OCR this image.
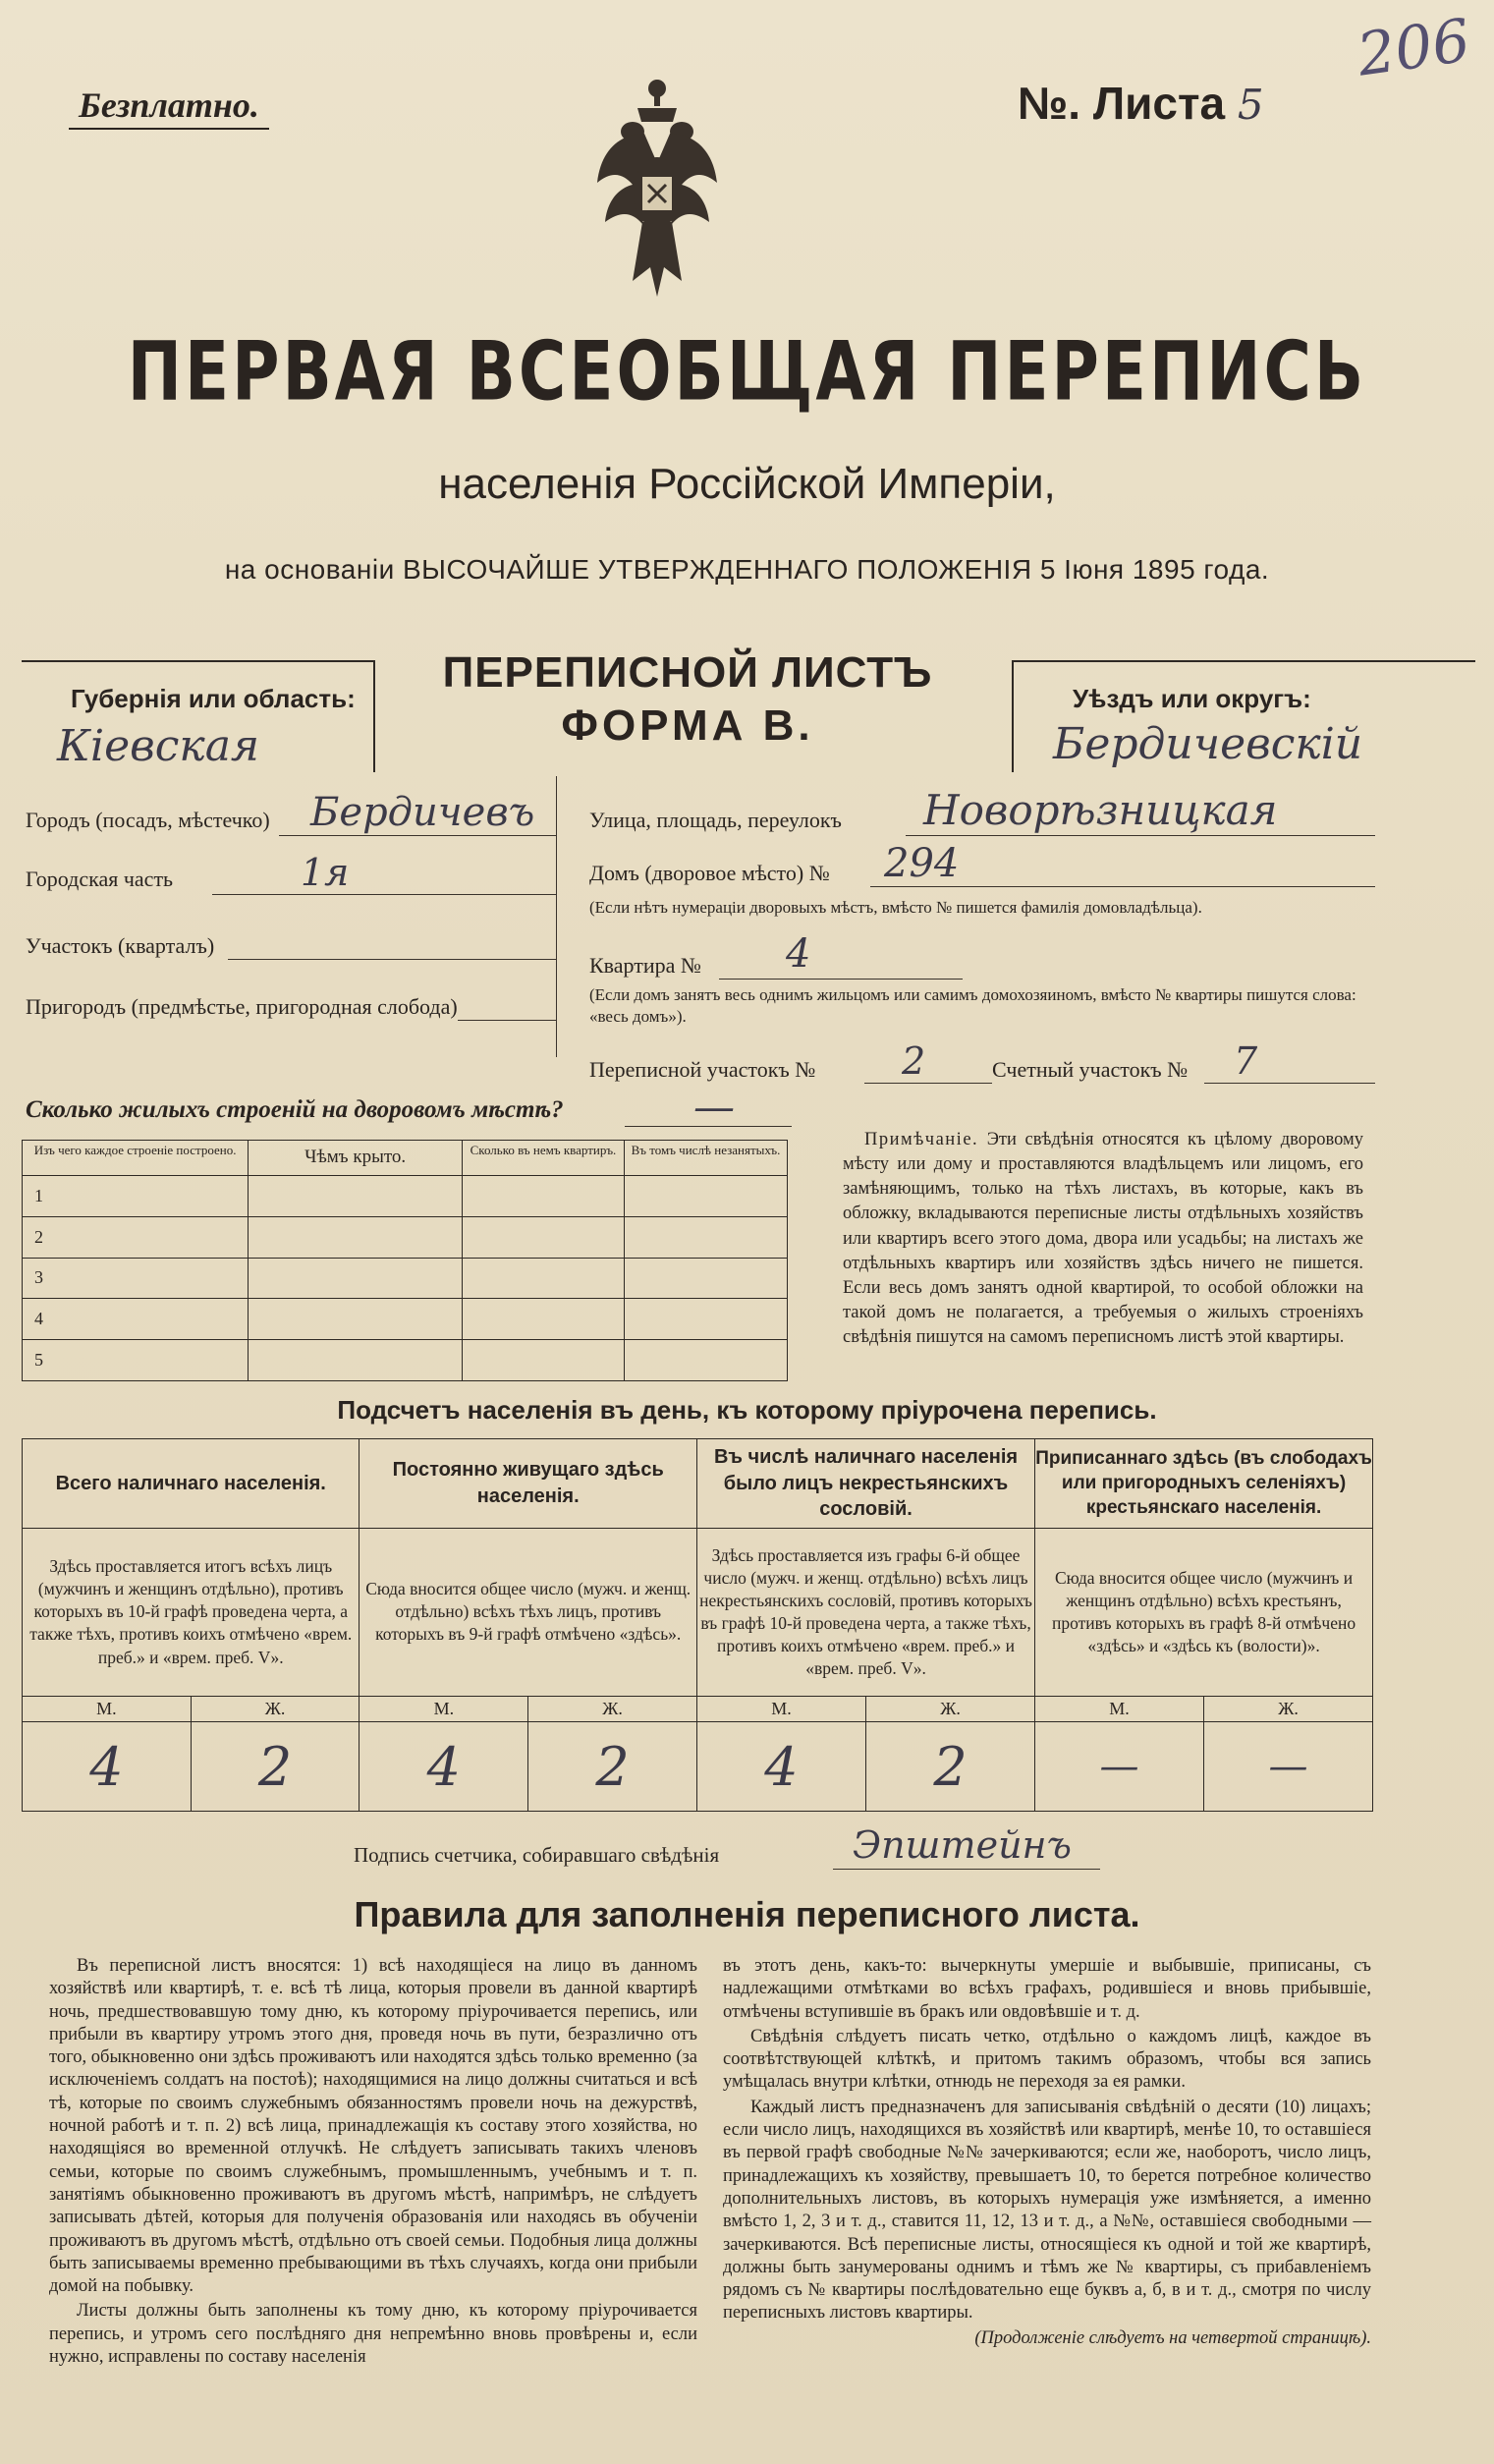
Безплатно.	№. Листа 5
206
ПЕРВАЯ ВСЕОБЩАЯ ПЕРЕПИСЬ
населенія Россійской Имперіи,
на основаніи ВЫСОЧАЙШЕ УТВЕРЖДЕННАГО ПОЛОЖЕНІЯ 5 Іюня 1895 года.
Губернія или область:
Кіевская
ПЕРЕПИСНОЙ ЛИСТЪ
ФОРМА В.
Уѣздъ или округъ:
Бердичевскій
Городъ (посадъ, мѣстечко) Бердичевъ
Городская часть	1я
Участокъ (кварталъ)
Пригородъ (предмѣстье, пригородная слобода)
Улица, площадь, переулокъ Новорѣзницкая
Домъ (дворовое мѣсто) № 294
(Если нѣтъ нумераціи дворовыхъ мѣстъ, вмѣсто № пишется фамилія домовладѣльца).
Квартира № 4
(Если домъ занятъ весь однимъ жильцомъ или самимъ домохозяиномъ, вмѣсто № квартиры пишутся слова: «весь домъ»).
Переписной участокъ № 2	Счетный участокъ № 7
Сколько жилыхъ строеній на дворовомъ мѣстѣ?	—
Изъ чего каждое строеніе построено.	Чѣмъ крыто.	Сколько въ немъ квартиръ.	Въ томъ числѣ незанятыхъ.
1			
2			
3			
4			
5			
Примѣчаніе. Эти свѣдѣнія относятся къ цѣлому дворовому мѣсту или дому и проставляются владѣльцемъ или лицомъ, его замѣняющимъ, только на тѣхъ листахъ, въ которые, какъ въ обложку, вкладываются переписные листы отдѣльныхъ хозяйствъ или квартиръ всего этого дома, двора или усадьбы; на листахъ же отдѣльныхъ квартиръ или хозяйствъ здѣсь ничего не пишется. Если весь домъ занятъ одной квартирой, то особой обложки на такой домъ не полагается, а требуемыя о жилыхъ строеніяхъ свѣдѣнія пишутся на самомъ переписномъ листѣ этой квартиры.
Подсчетъ населенія въ день, къ которому пріурочена перепись.
Всего наличнаго населенія.		Постоянно живущаго здѣсь населенія.		Въ числѣ наличнаго населенія было лицъ некрестьянскихъ сословій.		Приписаннаго здѣсь (въ слободахъ или пригородныхъ селеніяхъ) крестьянскаго населенія.	
Здѣсь проставляется итогъ всѣхъ лицъ (мужчинъ и женщинъ отдѣльно), противъ которыхъ въ 10-й графѣ проведена черта, а также тѣхъ, противъ коихъ отмѣчено «врем. преб.» и «врем. преб. V».		Сюда вносится общее число (мужч. и женщ. отдѣльно) всѣхъ тѣхъ лицъ, противъ которыхъ въ 9-й графѣ отмѣчено «здѣсь».		Здѣсь проставляется изъ графы 6-й общее число (мужч. и женщ. отдѣльно) всѣхъ лицъ некрестьянскихъ сословій, противъ которыхъ въ графѣ 10-й проведена черта, а также тѣхъ, противъ коихъ отмѣчено «врем. преб.» и «врем. преб. V».		Сюда вносится общее число (мужчинъ и женщинъ отдѣльно) всѣхъ крестьянъ, противъ которыхъ въ графѣ 8-й отмѣчено «здѣсь» и «здѣсь къ (волости)».	
М.	Ж.	М.	Ж.	М.	Ж.	М.	Ж.
4	2	4	2	4	2	—	—
Подпись счетчика, собиравшаго свѣдѣнія	Эпштейнъ
Правила для заполненія переписного листа.

Въ переписной листъ вносятся: 1) всѣ находящіеся на лицо въ данномъ хозяйствѣ или квартирѣ, т. е. всѣ тѣ лица, которыя провели въ данной квартирѣ ночь, предшествовавшую тому дню, къ которому пріурочивается перепись, или прибыли въ квартиру утромъ этого дня, проведя ночь въ пути, безразлично отъ того, обыкновенно они здѣсь проживаютъ или находятся здѣсь только временно (за исключеніемъ солдатъ на постоѣ); находящимися на лицо должны считаться и всѣ тѣ, которые по своимъ служебнымъ обязанностямъ провели ночь на дежурствѣ, ночной работѣ и т. п. 2) всѣ лица, принадлежащія къ составу этого хозяйства, но находящіяся во временной отлучкѣ. Не слѣдуетъ записывать такихъ членовъ семьи, которые по своимъ служебнымъ, промышленнымъ, учебнымъ и т. п. занятіямъ обыкновенно проживаютъ въ другомъ мѣстѣ, напримѣръ, не слѣдуетъ записывать дѣтей, которыя для полученія образованія или находясь въ обученіи проживаютъ въ другомъ мѣстѣ, отдѣльно отъ своей семьи. Подобныя лица должны быть записываемы временно пребывающими въ тѣхъ случаяхъ, когда они прибыли домой на побывку.

Листы должны быть заполнены къ тому дню, къ которому пріурочивается перепись, и утромъ сего послѣдняго дня непремѣнно вновь провѣрены и, если нужно, исправлены по составу населенія

въ этотъ день, какъ-то: вычеркнуты умершіе и выбывшіе, приписаны, съ надлежащими отмѣтками во всѣхъ графахъ, родившіеся и вновь прибывшіе, отмѣчены вступившіе въ бракъ или овдовѣвшіе и т. д.

Свѣдѣнія слѣдуетъ писать четко, отдѣльно о каждомъ лицѣ, каждое въ соотвѣтствующей клѣткѣ, и притомъ такимъ образомъ, чтобы вся запись умѣщалась внутри клѣтки, отнюдь не переходя за ея рамки.

Каждый листъ предназначенъ для записыванія свѣдѣній о десяти (10) лицахъ; если число лицъ, находящихся въ хозяйствѣ или квартирѣ, менѣе 10, то оставшіеся въ первой графѣ свободные №№ зачеркиваются; если же, наоборотъ, число лицъ, принадлежащихъ къ хозяйству, превышаетъ 10, то берется потребное количество дополнительныхъ листовъ, въ которыхъ нумерація уже измѣняется, а именно вмѣсто 1, 2, 3 и т. д., ставится 11, 12, 13 и т. д., а №№, оставшіеся свободными — зачеркиваются. Всѣ переписные листы, относящіеся къ одной и той же квартирѣ, должны быть занумерованы однимъ и тѣмъ же № квартиры, съ прибавленіемъ рядомъ съ № квартиры послѣдовательно еще буквъ а, б, в и т. д., смотря по числу переписныхъ листовъ квартиры.

(Продолженіе слѣдуетъ на четвертой страницѣ).
